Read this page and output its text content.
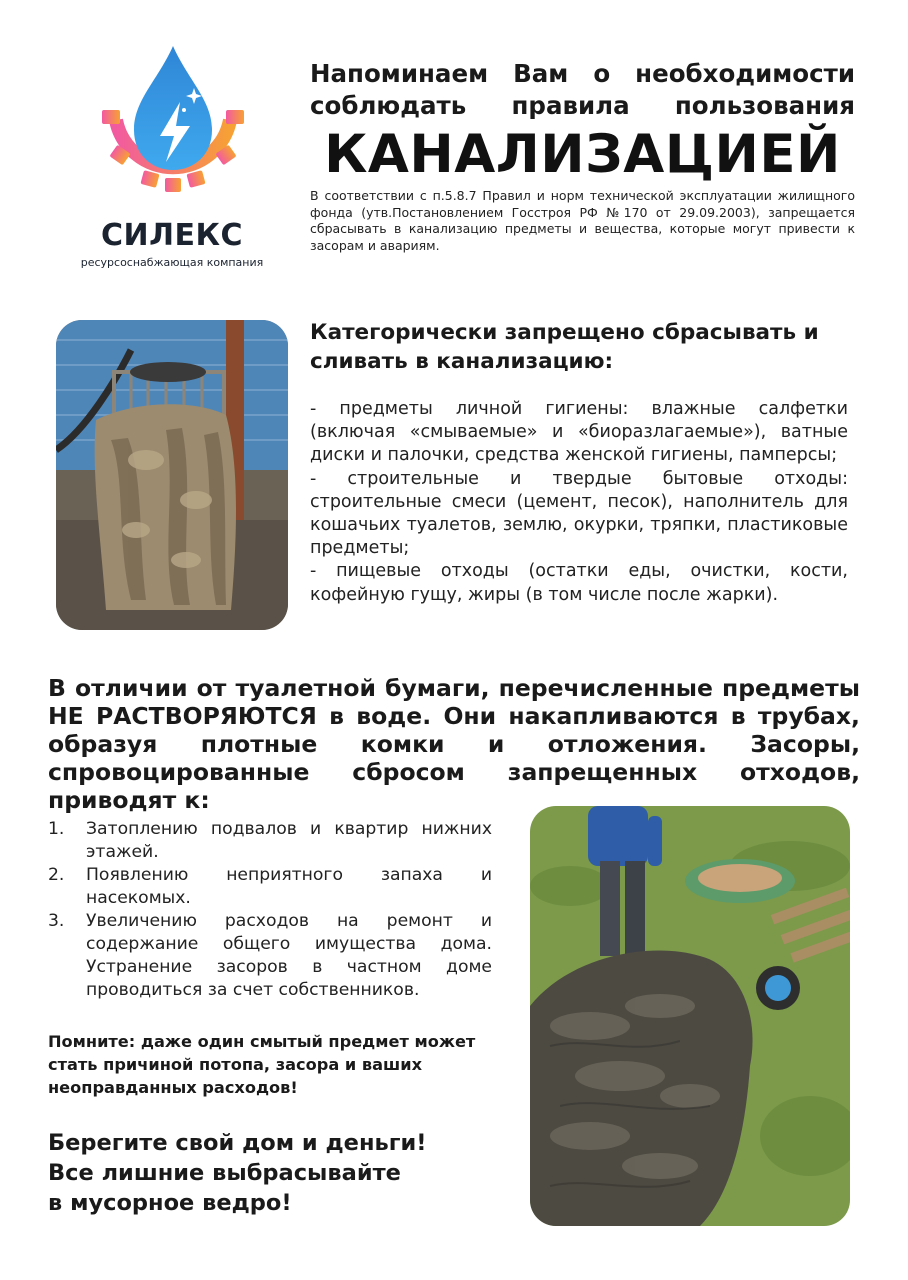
СИЛЕКС
ресурсоснабжающая компания
Напоминаем Вам о необходимости
соблюдать правила пользования
КАНАЛИЗАЦИЕЙ
В соответствии с п.5.8.7 Правил и норм технической эксплуатации жилищного фонда (утв.Постановлением Госстроя РФ №170 от 29.09.2003), запрещается сбрасывать в канализацию предметы и вещества, которые могут привести к засорам и авариям.
Категорически запрещено сбрасывать и сливать в канализацию:
- предметы личной гигиены: влажные салфетки (включая «смываемые» и «биоразлагаемые»), ватные диски и палочки, средства женской гигиены, памперсы;
- строительные и твердые бытовые отходы: строительные смеси (цемент, песок), наполнитель для кошачьих туалетов, землю, окурки, тряпки, пластиковые предметы;
- пищевые отходы (остатки еды, очистки, кости, кофейную гущу, жиры (в том числе после жарки).
В отличии от туалетной бумаги, перечисленные предметы НЕ РАСТВОРЯЮТСЯ в воде. Они накапливаются в трубах, образуя плотные комки и отложения. Засоры, спровоцированные сбросом запрещенных отходов, приводят к:
1.	Затоплению подвалов и квартир нижних этажей.
2.	Появлению неприятного запаха и насекомых.
3.	Увеличению расходов на ремонт и содержание общего имущества дома. Устранение засоров в частном доме проводиться за счет собственников.
Помните: даже один смытый предмет может стать причиной потопа, засора и ваших неоправданных расходов!
Берегите свой дом и деньги!
Все лишние выбрасывайте
в мусорное ведро!
